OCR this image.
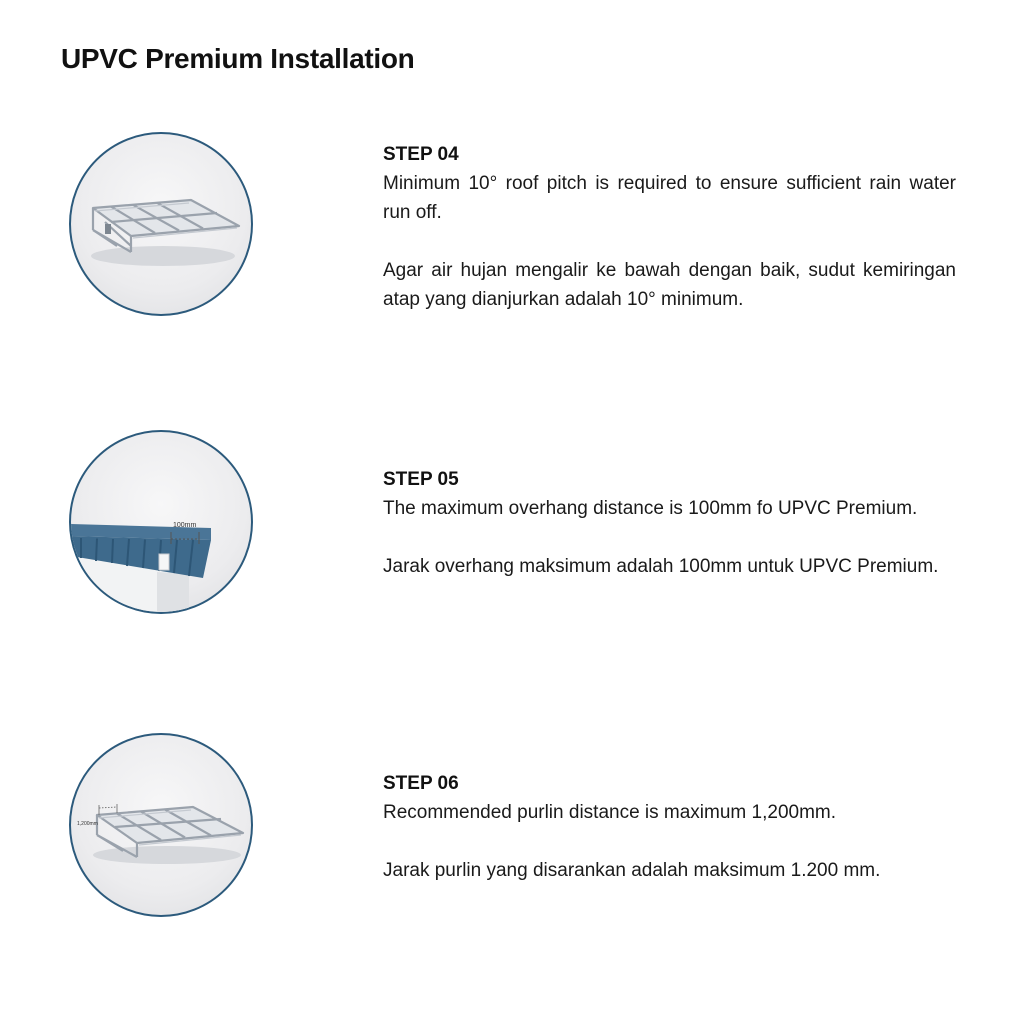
UPVC Premium Installation

STEP 04

Minimum 10° roof pitch is required to ensure sufficient rain water run off.

Agar air hujan mengalir ke bawah dengan baik, sudut kemiringan atap yang dianjurkan adalah 10° minimum.

100mm

STEP 05

The maximum overhang distance is 100mm fo UPVC Premium.

Jarak overhang maksimum adalah 100mm untuk UPVC Premium.

1,200mm

STEP 06

Recommended purlin distance is maximum 1,200mm.

Jarak purlin yang disarankan adalah maksimum 1.200 mm.
